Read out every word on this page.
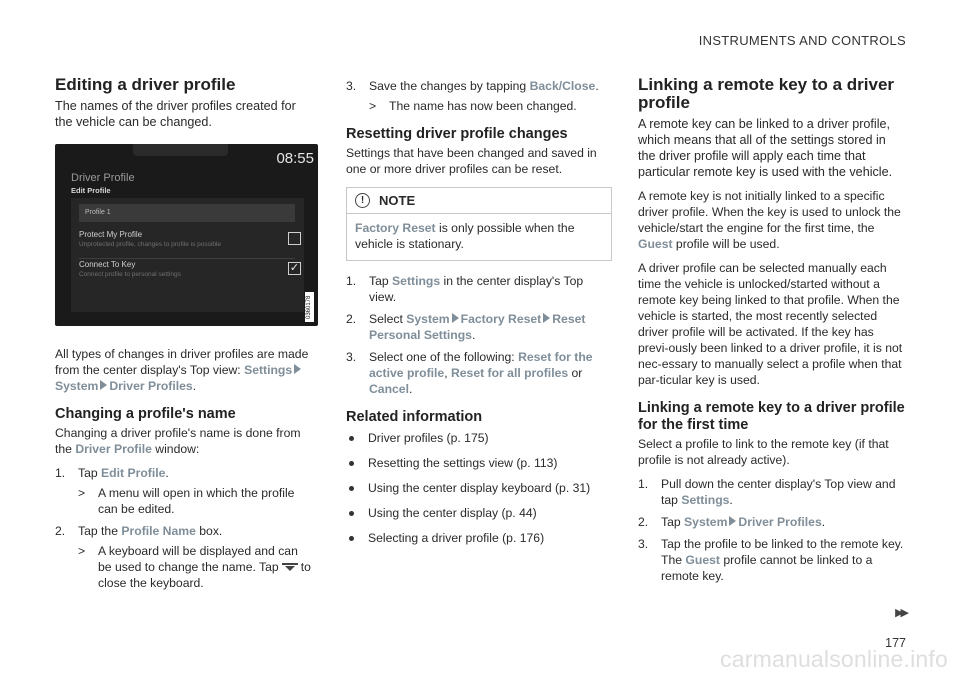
INSTRUMENTS AND CONTROLS
Editing a driver profile

The names of the driver profiles created for the vehicle can be changed.

08:55
Driver Profile
Edit Profile
Profile 1
Protect My Profile
Unprotected profile, changes to profile is possible
Connect To Key
Connect profile to personal settings
✓
0360178

All types of changes in driver profiles are made from the center display's Top view: Settings
System Driver Profiles.

Changing a profile's name

Changing a driver profile's name is done from the Driver Profile window:

1. Tap Edit Profile.
> A menu will open in which the profile can be edited.
2. Tap the Profile Name box.
> A keyboard will be displayed and can be used to change the name. Tap to close the keyboard.
3. Save the changes by tapping Back/Close.
> The name has now been changed.
Resetting driver profile changes

Settings that have been changed and saved in one or more driver profiles can be reset.

!	NOTE
Factory Reset is only possible when the vehicle is stationary.
1. Tap Settings in the center display's Top view.
2. Select System Factory Reset Reset Personal Settings.
3. Select one of the following: Reset for the active profile, Reset for all profiles or Cancel.
Related information
Driver profiles (p. 175)
Resetting the settings view (p. 113)
Using the center display keyboard (p. 31)
Using the center display (p. 44)
Selecting a driver profile (p. 176)
Linking a remote key to a driver profile

A remote key can be linked to a driver profile, which means that all of the settings stored in the driver profile will apply each time that particular remote key is used with the vehicle.

A remote key is not initially linked to a specific driver profile. When the key is used to unlock the vehicle/start the engine for the first time, the Guest profile will be used.

A driver profile can be selected manually each time the vehicle is unlocked/started without a remote key being linked to that profile. When the vehicle is started, the most recently selected driver profile will be activated. If the key has previ-ously been linked to a driver profile, it is not nec-essary to manually select a profile when that par-ticular key is used.

Linking a remote key to a driver profile for the first time

Select a profile to link to the remote key (if that profile is not already active).

1. Pull down the center display's Top view and tap Settings.
2. Tap System Driver Profiles.
3. Tap the profile to be linked to the remote key. The Guest profile cannot be linked to a remote key.
▶▶
177
carmanualsonline.info
